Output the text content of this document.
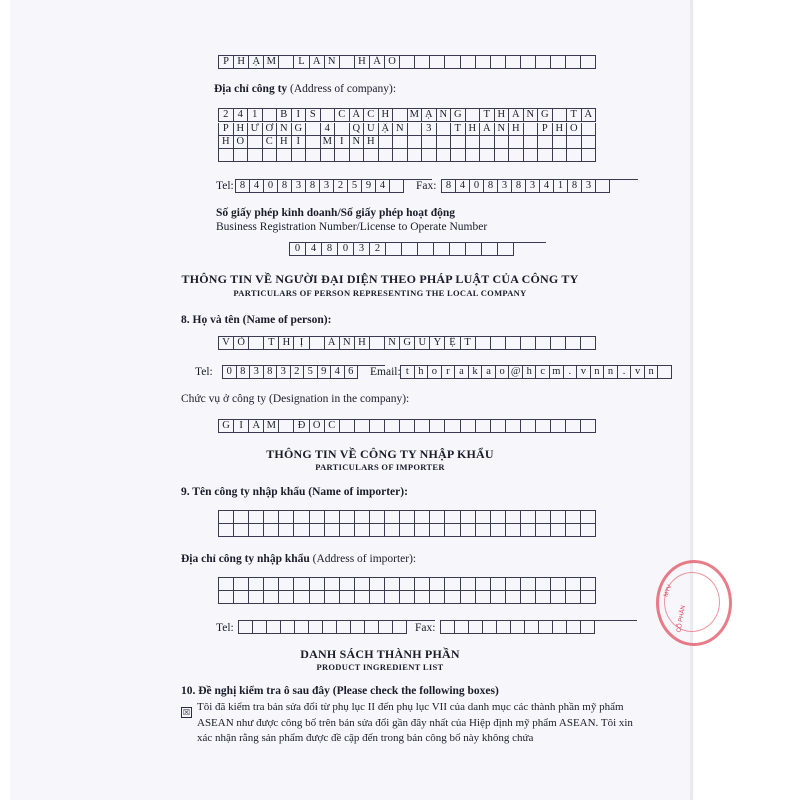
P H Ạ M
	L A N
	H Ả O

Địa chỉ công ty (Address of company):
2 4 1
	B I S
	C Á C H
	M Ạ N G
	T H Á N G
	T Á
P H Ư Ờ N G
	4
	Q U Ậ N
	3
	T H À N H
	P H Ố

H Ồ
	C H Í
	M I N H

Tel: 8 4 0 8 3 8 3 2 5 9 4
	Fax: 8 4 0 8 3 8 3 4 1 8 3

Số giấy phép kinh doanh/Số giấy phép hoạt động
Business Registration Number/License to Operate Number
0	4	8	0	3	2

THÔNG TIN VỀ NGƯỜI ĐẠI DIỆN THEO PHÁP LUẬT CỦA CÔNG TY
PARTICULARS OF PERSON REPRESENTING THE LOCAL COMPANY
8. Họ và tên (Name of person):
V Õ
	T H Ị
	Á N H
	N G U Y Ệ T

Tel:	0 8 3 8 3 2 5 9 4 6	Email: t h o r a k a o @ h c m . v n n . v n

Chức vụ ở công ty (Designation in the company):
G I Á M
	Đ Ố C

THÔNG TIN VỀ CÔNG TY NHẬP KHẨU
PARTICULARS OF IMPORTER
9. Tên công ty nhập khẩu (Name of importer):

Địa chỉ công ty nhập khẩu (Address of importer):

Tel:

	Fax:

DANH SÁCH THÀNH PHẦN
PRODUCT INGREDIENT LIST
10. Đề nghị kiểm tra ô sau đây (Please check the following boxes)
☒ Tôi đã kiểm tra bản sửa đổi từ phụ lục II đến phụ lục VII của danh mục các thành phần mỹ phẩm ASEAN như được công bố trên bản sửa đổi gần đây nhất của Hiệp định mỹ phẩm ASEAN. Tôi xin xác nhận rằng sản phẩm được đề cập đến trong bản công bố này không chứa
MTV
CỔ PHẦN
